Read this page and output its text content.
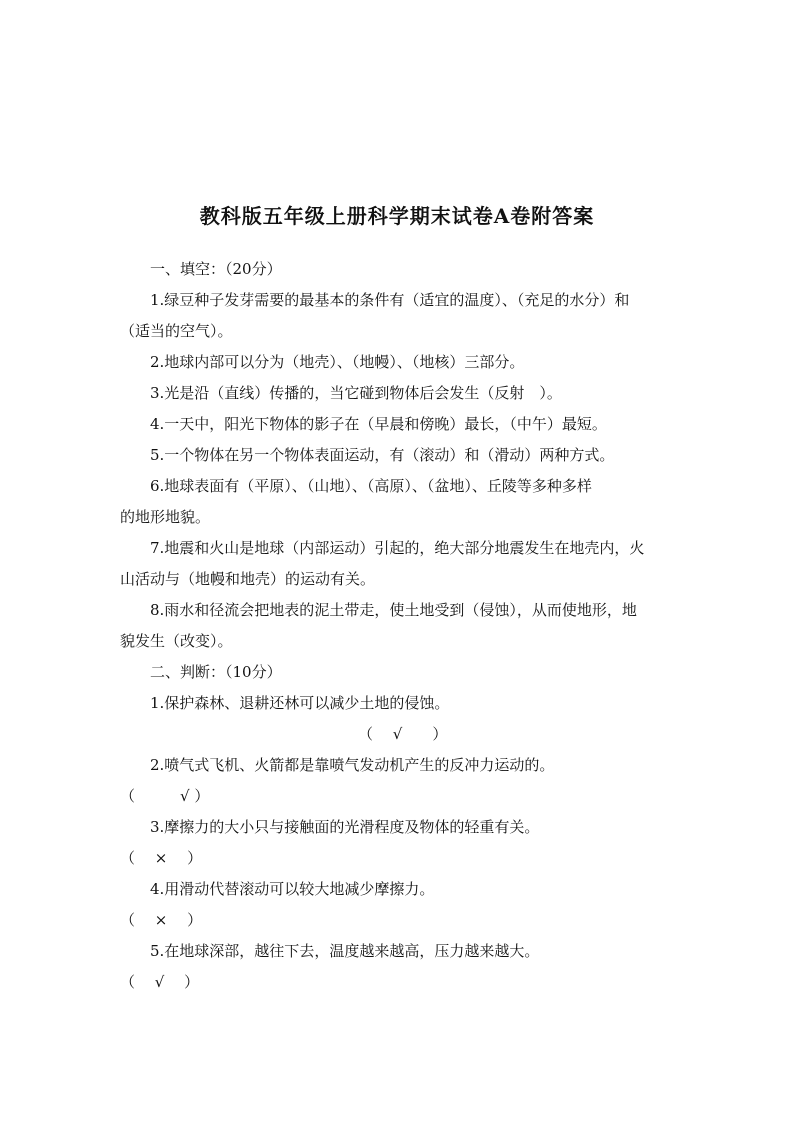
教科版五年级上册科学期末试卷A卷附答案
一、填空：（20分）
1.绿豆种子发芽需要的最基本的条件有（适宜的温度）、（充足的水分）和
（适当的空气）。
2.地球内部可以分为（地壳）、（地幔）、（地核）三部分。
3.光是沿（直线）传播的，当它碰到物体后会发生（反射　）。
4.一天中，阳光下物体的影子在（早晨和傍晚）最长，（中午）最短。
5.一个物体在另一个物体表面运动，有（滚动）和（滑动）两种方式。
6.地球表面有（平原）、（山地）、（高原）、（盆地）、丘陵等多种多样
的地形地貌。
7.地震和火山是地球（内部运动）引起的，绝大部分地震发生在地壳内，火
山活动与（地幔和地壳）的运动有关。
8.雨水和径流会把地表的泥土带走，使土地受到（侵蚀），从而使地形，地
貌发生（改变）。
二、判断：（10分）
1.保护森林、退耕还林可以减少土地的侵蚀。
（　 √　　）
2.喷气式飞机、火箭都是靠喷气发动机产生的反冲力运动的。
（　　　√ ）
3.摩擦力的大小只与接触面的光滑程度及物体的轻重有关。
（　 ×　 ）
4.用滑动代替滚动可以较大地减少摩擦力。
（　 ×　 ）
5.在地球深部，越往下去，温度越来越高，压力越来越大。
（　 √　 ）
